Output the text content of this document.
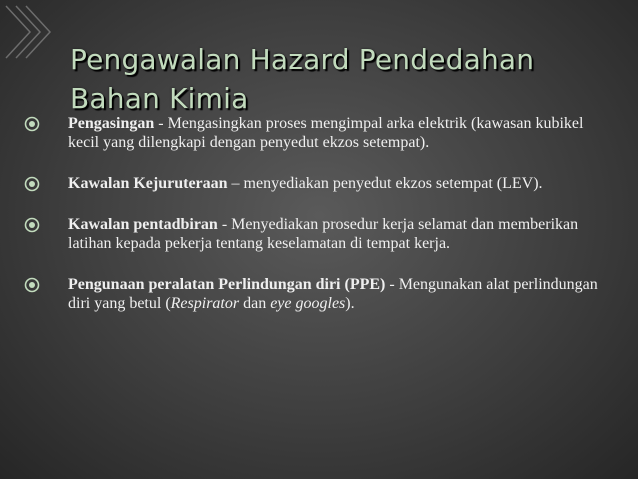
Pengawalan Hazard Pendedahan Bahan Kimia
Pengasingan - Mengasingkan proses mengimpal arka elektrik (kawasan kubikel kecil yang dilengkapi dengan penyedut ekzos setempat).
Kawalan Kejuruteraan – menyediakan penyedut ekzos setempat (LEV).
Kawalan pentadbiran - Menyediakan prosedur kerja selamat dan memberikan latihan kepada pekerja tentang keselamatan di tempat kerja.
Pengunaan peralatan Perlindungan diri (PPE) - Mengunakan alat perlindungan diri yang betul (Respirator dan eye googles).
